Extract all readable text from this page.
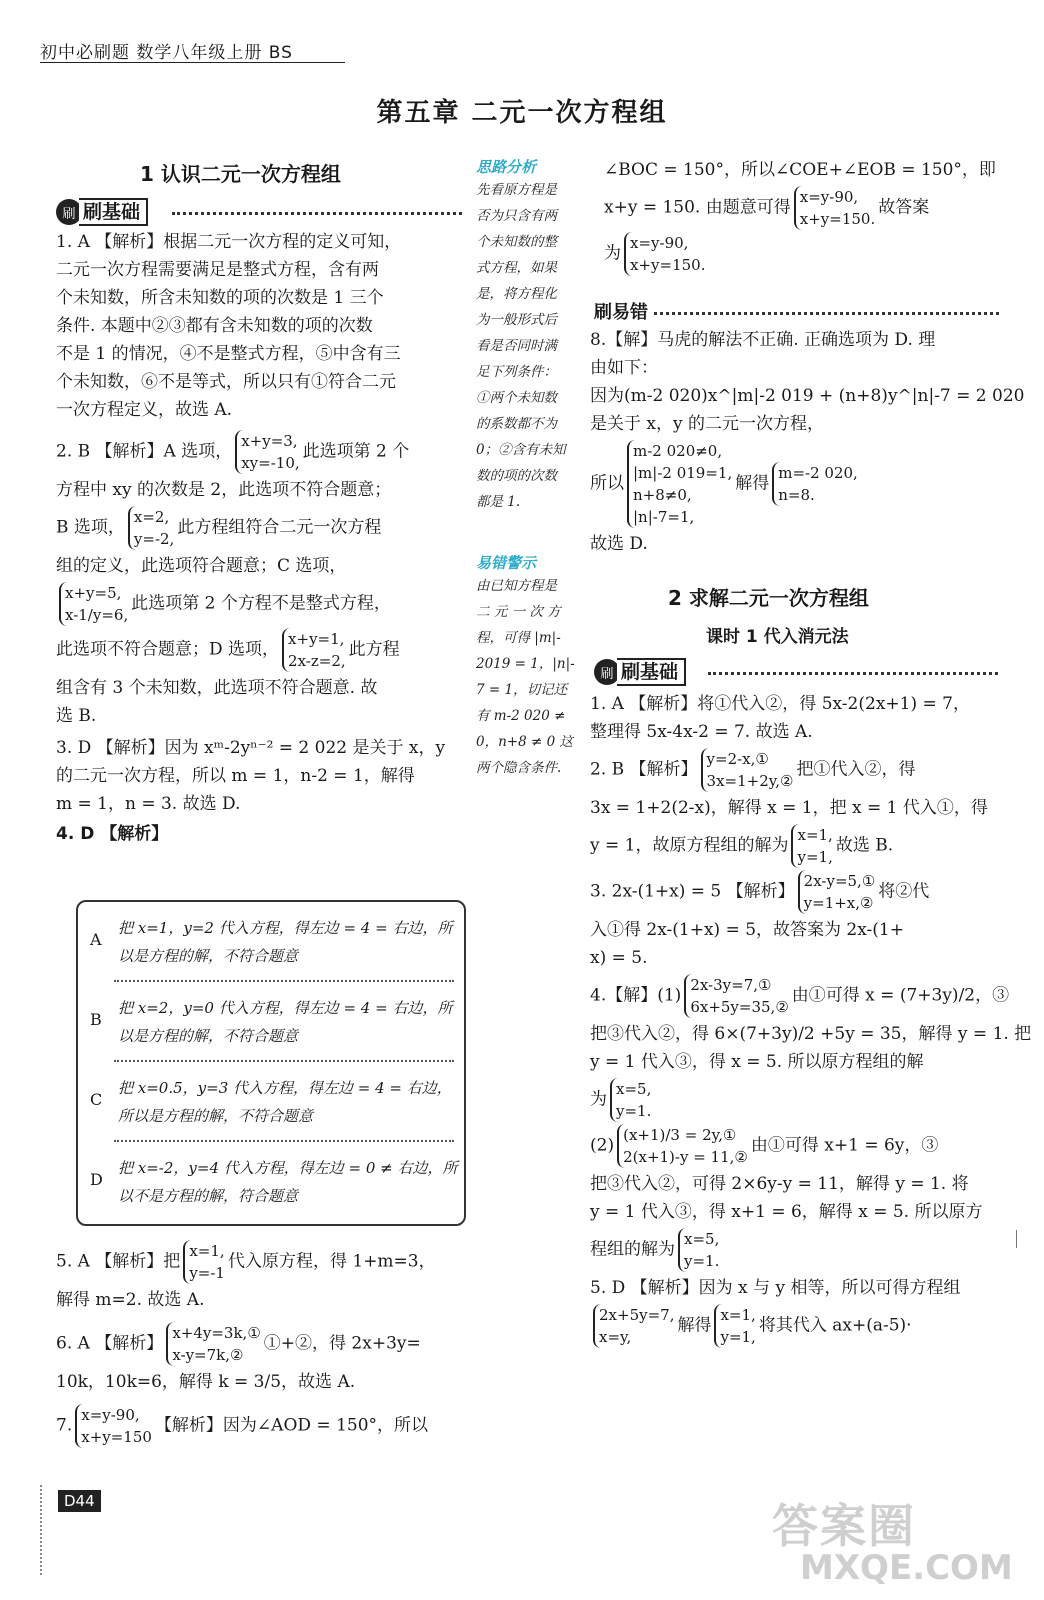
初中必刷题 数学八年级上册 BS
第五章 二元一次方程组
1 认识二元一次方程组
刷 刷基础
1. A 【解析】根据二元一次方程的定义可知，
二元一次方程需要满足是整式方程，含有两
个未知数，所含未知数的项的次数是 1 三个
条件. 本题中②③都有含未知数的项的次数
不是 1 的情况，④不是整式方程，⑤中含有三
个未知数，⑥不是等式，所以只有①符合二元
一次方程定义，故选 A.
2. B 【解析】A 选项，
x+y=3,
xy=-10,
此选项第 2 个
方程中 xy 的次数是 2，此选项不符合题意；
B 选项，
x=2,
y=-2,
此方程组符合二元一次方程
组的定义，此选项符合题意；C 选项，
x+y=5,
x-1/y=6,
此选项第 2 个方程不是整式方程，
此选项不符合题意；D 选项，
x+y=1,
2x-z=2,
此方程
组含有 3 个未知数，此选项不符合题意. 故
选 B.
3. D 【解析】因为 xᵐ-2yⁿ⁻² = 2 022 是关于 x，y
的二元一次方程，所以 m = 1，n-2 = 1，解得
m = 1，n = 3. 故选 D.
4. D 【解析】
A
把 x=1，y=2 代入方程，得左边 = 4 = 右边，所以是方程的解，不符合题意
B
把 x=2，y=0 代入方程，得左边 = 4 = 右边，所以是方程的解，不符合题意
C
把 x=0.5，y=3 代入方程，得左边 = 4 = 右边，所以是方程的解，不符合题意
D
把 x=-2，y=4 代入方程，得左边 = 0 ≠ 右边，所以不是方程的解，符合题意
5. A 【解析】把
x=1,
y=-1
代入原方程，得 1+m=3，
解得 m=2. 故选 A.
6. A 【解析】
x+4y=3k,①
x-y=7k,②
①+②，得 2x+3y=
10k，10k=6，解得 k = 3/5，故选 A.
7.
x=y-90,
x+y=150
【解析】因为∠AOD = 150°，所以
思路分析
先看原方程是
否为只含有两
个未知数的整
式方程，如果
是，将方程化
为一般形式后
看是否同时满
足下列条件：
①两个未知数
的系数都不为
0；②含有未知
数的项的次数
都是 1.
易错警示
由已知方程是
二 元 一 次 方
程，可得 |m|-
2019 = 1，|n|-
7 = 1，切记还
有 m-2 020 ≠
0，n+8 ≠ 0 这
两个隐含条件.
∠BOC = 150°，所以∠COE+∠EOB = 150°，即
x+y = 150. 由题意可得
x=y-90,
x+y=150.
故答案
为
x=y-90,
x+y=150.
刷易错
8.【解】马虎的解法不正确. 正确选项为 D. 理
由如下：
因为(m-2 020)x^|m|-2 019 + (n+8)y^|n|-7 = 2 020
是关于 x，y 的二元一次方程，
所以
m-2 020≠0,
|m|-2 019=1,
n+8≠0,
|n|-7=1,
解得
m=-2 020,
n=8.
故选 D.
2 求解二元一次方程组
课时 1 代入消元法
刷 刷基础
1. A 【解析】将①代入②，得 5x-2(2x+1) = 7，
整理得 5x-4x-2 = 7. 故选 A.
2. B 【解析】
y=2-x,①
3x=1+2y,②
把①代入②，得
3x = 1+2(2-x)，解得 x = 1，把 x = 1 代入①，得
y = 1，故原方程组的解为
x=1,
y=1,
故选 B.
3. 2x-(1+x) = 5 【解析】
2x-y=5,①
y=1+x,②
将②代
入①得 2x-(1+x) = 5，故答案为 2x-(1+
x) = 5.
4.【解】(1)
2x-3y=7,①
6x+5y=35,②
由①可得 x = (7+3y)/2，③
把③代入②，得 6×(7+3y)/2 +5y = 35，解得 y = 1. 把
y = 1 代入③，得 x = 5. 所以原方程组的解
为
x=5,
y=1.
(2)
(x+1)/3 = 2y,①
2(x+1)-y = 11,②
由①可得 x+1 = 6y，③
把③代入②，可得 2×6y-y = 11，解得 y = 1. 将
y = 1 代入③，得 x+1 = 6，解得 x = 5. 所以原方
程组的解为
x=5,
y=1.
5. D 【解析】因为 x 与 y 相等，所以可得方程组
2x+5y=7,
x=y,
解得
x=1,
y=1,
将其代入 ax+(a-5)·
D44	答案圈
MXQE.COM
